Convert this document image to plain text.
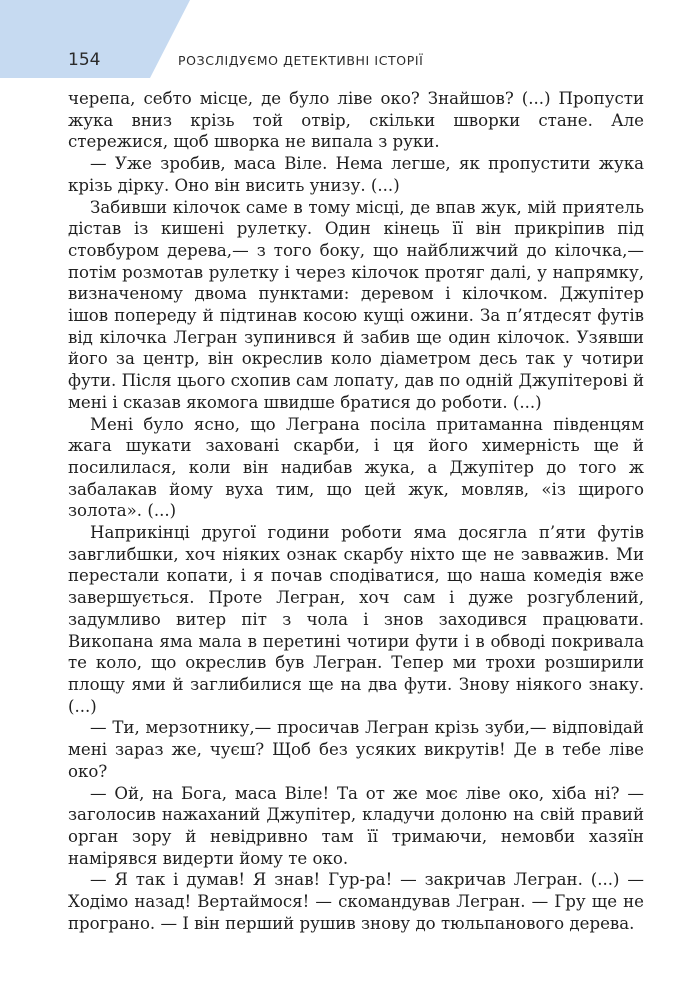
154	РОЗСЛІДУЄМО ДЕТЕКТИВНІ ІСТОРІЇ

черепа, себто місце, де було ліве око? Знайшов? (...) Пропусти жука вниз крізь той отвір, скільки шворки стане. Але стережися, щоб шворка не випала з руки.

— Уже зробив, маса Віле. Нема легше, як пропустити жука крізь дірку. Оно він висить унизу. (...)

Забивши кілочок саме в тому місці, де впав жук, мій приятель дістав із кишені рулетку. Один кінець її він прикріпив під стовбуром дерева,— з того боку, що найближчий до кілочка,— потім розмотав рулетку і через кілочок протяг далі, у напрямку, визначеному двома пунктами: деревом і кілочком. Джупітер ішов попереду й підтинав косою кущі ожини. За п’ятдесят футів від кілочка Легран зупинився й забив ще один кілочок. Узявши його за центр, він окреслив коло діаметром десь так у чотири фути. Після цього схопив сам лопату, дав по одній Джупітерові й мені і сказав якомога швидше братися до роботи. (...)

Мені було ясно, що Леграна посіла притаманна південцям жага шукати заховані скарби, і ця його химерність ще й посилилася, коли він надибав жука, а Джупітер до того ж забалакав йому вуха тим, що цей жук, мовляв, «із щирого золота». (...)

Наприкінці другої години роботи яма досягла п’яти футів завглибшки, хоч ніяких ознак скарбу ніхто ще не завважив. Ми перестали копати, і я почав сподіватися, що наша комедія вже завершується. Проте Легран, хоч сам і дуже розгублений, задумливо витер піт з чола і знов заходився працювати. Викопана яма мала в перетині чотири фути і в обводі покривала те коло, що окреслив був Легран. Тепер ми трохи розширили площу ями й заглибилися ще на два фути. Знову ніякого знаку. (...)

— Ти, мерзотнику,— просичав Легран крізь зуби,— відповідай мені зараз же, чуєш? Щоб без усяких викрутів! Де в тебе ліве око?

— Ой, на Бога, маса Віле! Та от же моє ліве око, хіба ні? — заголосив нажаханий Джупітер, кладучи долоню на свій правий орган зору й невідривно там її тримаючи, немовби хазяїн намірявся видерти йому те око.

— Я так і думав! Я знав! Гур-ра! — закричав Легран. (...) — Ходімо назад! Вертаймося! — скомандував Легран. — Гру ще не програно. — І він перший рушив знову до тюльпанового дерева.
